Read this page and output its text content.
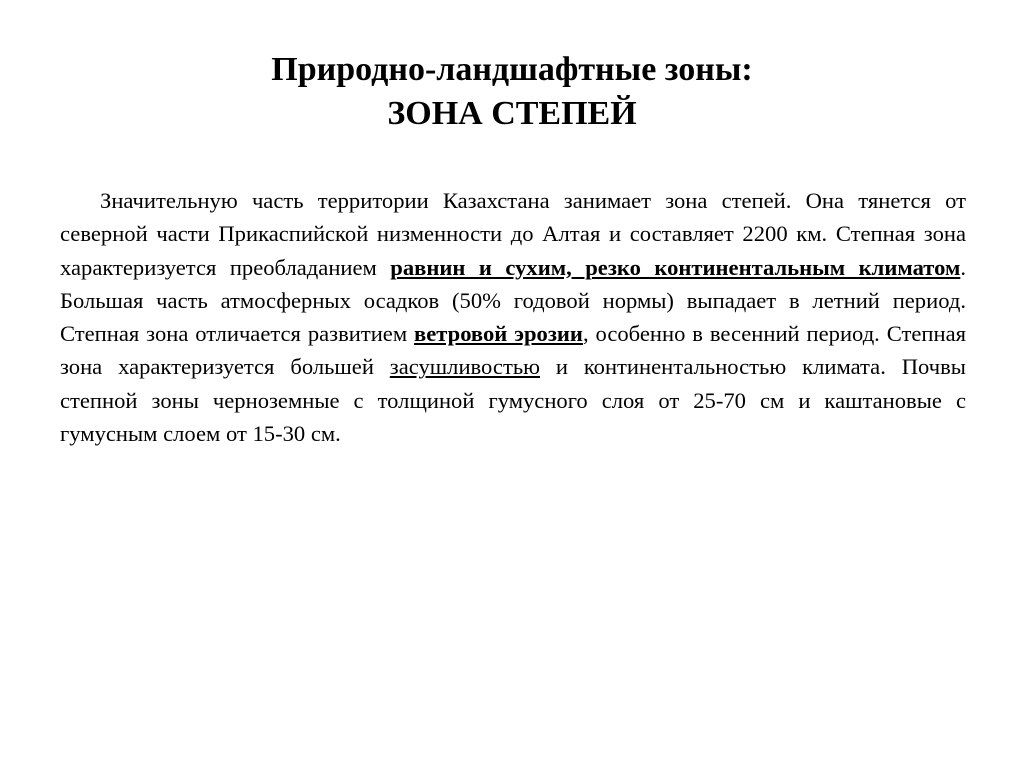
Природно-ландшафтные зоны:
ЗОНА СТЕПЕЙ

Значительную часть территории Казахстана занимает зона степей. Она тянется от северной части Прикаспийской низменности до Алтая и составляет 2200 км. Степная зона характеризуется преобладанием равнин и сухим, резко континентальным климатом. Большая часть атмосферных осадков (50% годовой нормы) выпадает в летний период. Степная зона отличается развитием ветровой эрозии, особенно в весенний период. Степная зона характеризуется большей засушливостью и континентальностью климата. Почвы степной зоны черноземные с толщиной гумусного слоя от 25-70 см и каштановые с гумусным слоем от 15-30 см.
